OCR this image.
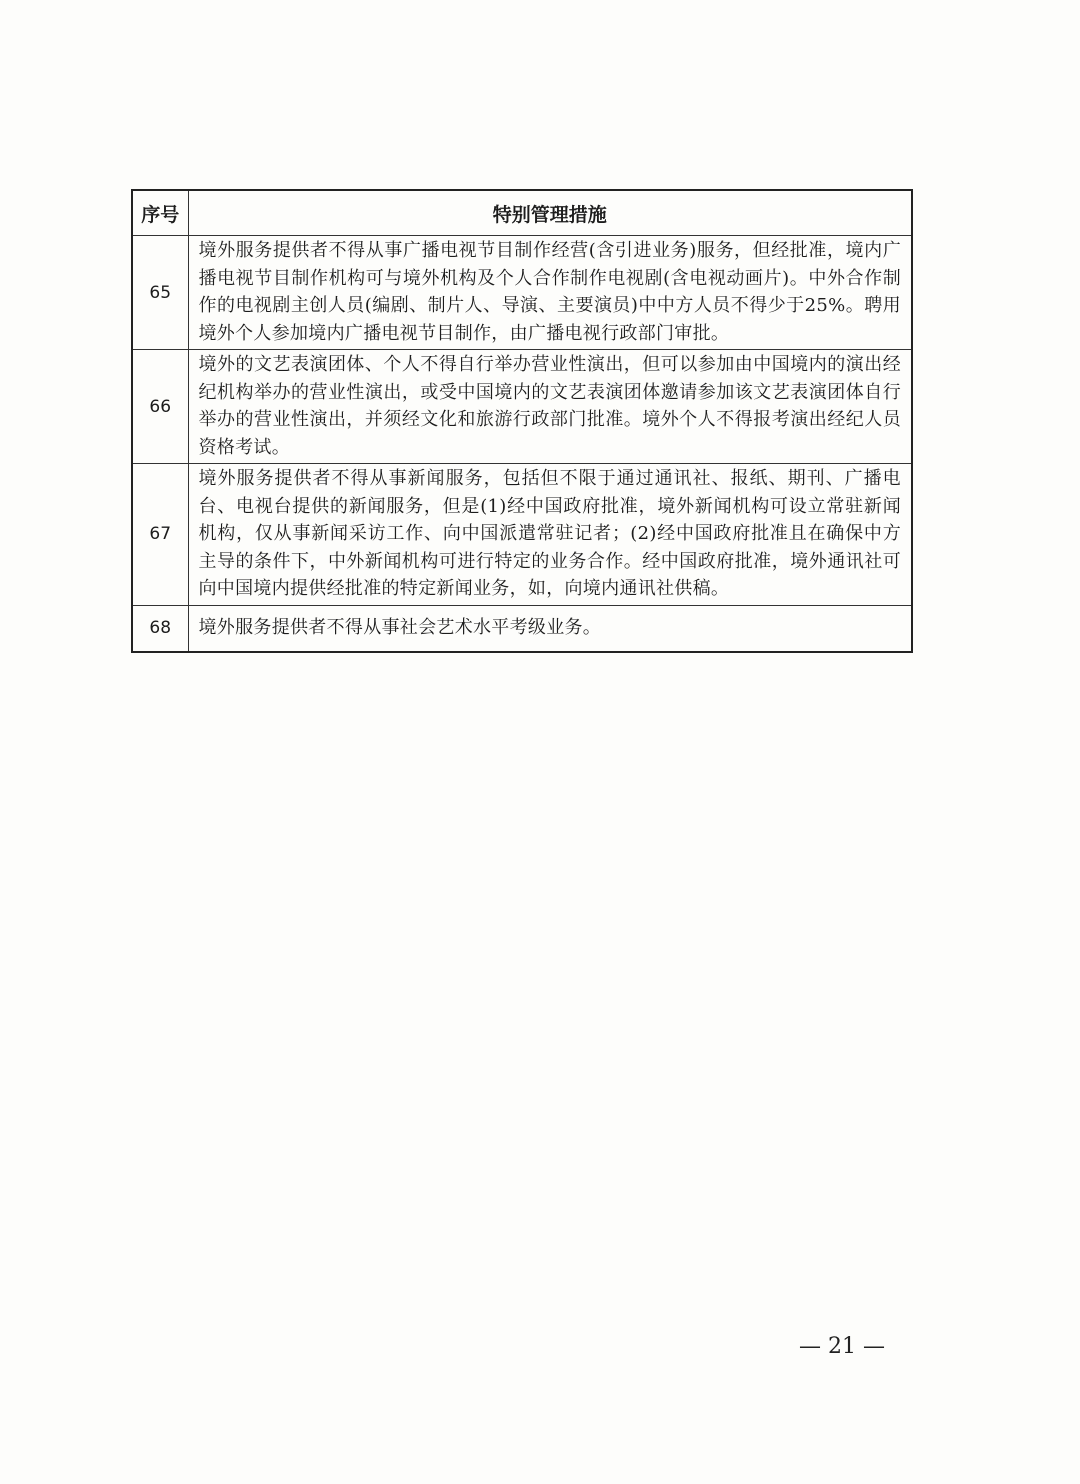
序号	特别管理措施
65	境外服务提供者不得从事广播电视节目制作经营(含引进业务)服务，但经批准，境内广播电视节目制作机构可与境外机构及个人合作制作电视剧(含电视动画片)。中外合作制作的电视剧主创人员(编剧、制片人、导演、主要演员)中中方人员不得少于25%。聘用境外个人参加境内广播电视节目制作，由广播电视行政部门审批。
66	境外的文艺表演团体、个人不得自行举办营业性演出，但可以参加由中国境内的演出经纪机构举办的营业性演出，或受中国境内的文艺表演团体邀请参加该文艺表演团体自行举办的营业性演出，并须经文化和旅游行政部门批准。境外个人不得报考演出经纪人员资格考试。
67	境外服务提供者不得从事新闻服务，包括但不限于通过通讯社、报纸、期刊、广播电台、电视台提供的新闻服务，但是(1)经中国政府批准，境外新闻机构可设立常驻新闻机构，仅从事新闻采访工作、向中国派遣常驻记者；(2)经中国政府批准且在确保中方主导的条件下，中外新闻机构可进行特定的业务合作。经中国政府批准，境外通讯社可向中国境内提供经批准的特定新闻业务，如，向境内通讯社供稿。
68	境外服务提供者不得从事社会艺术水平考级业务。
— 21 —
